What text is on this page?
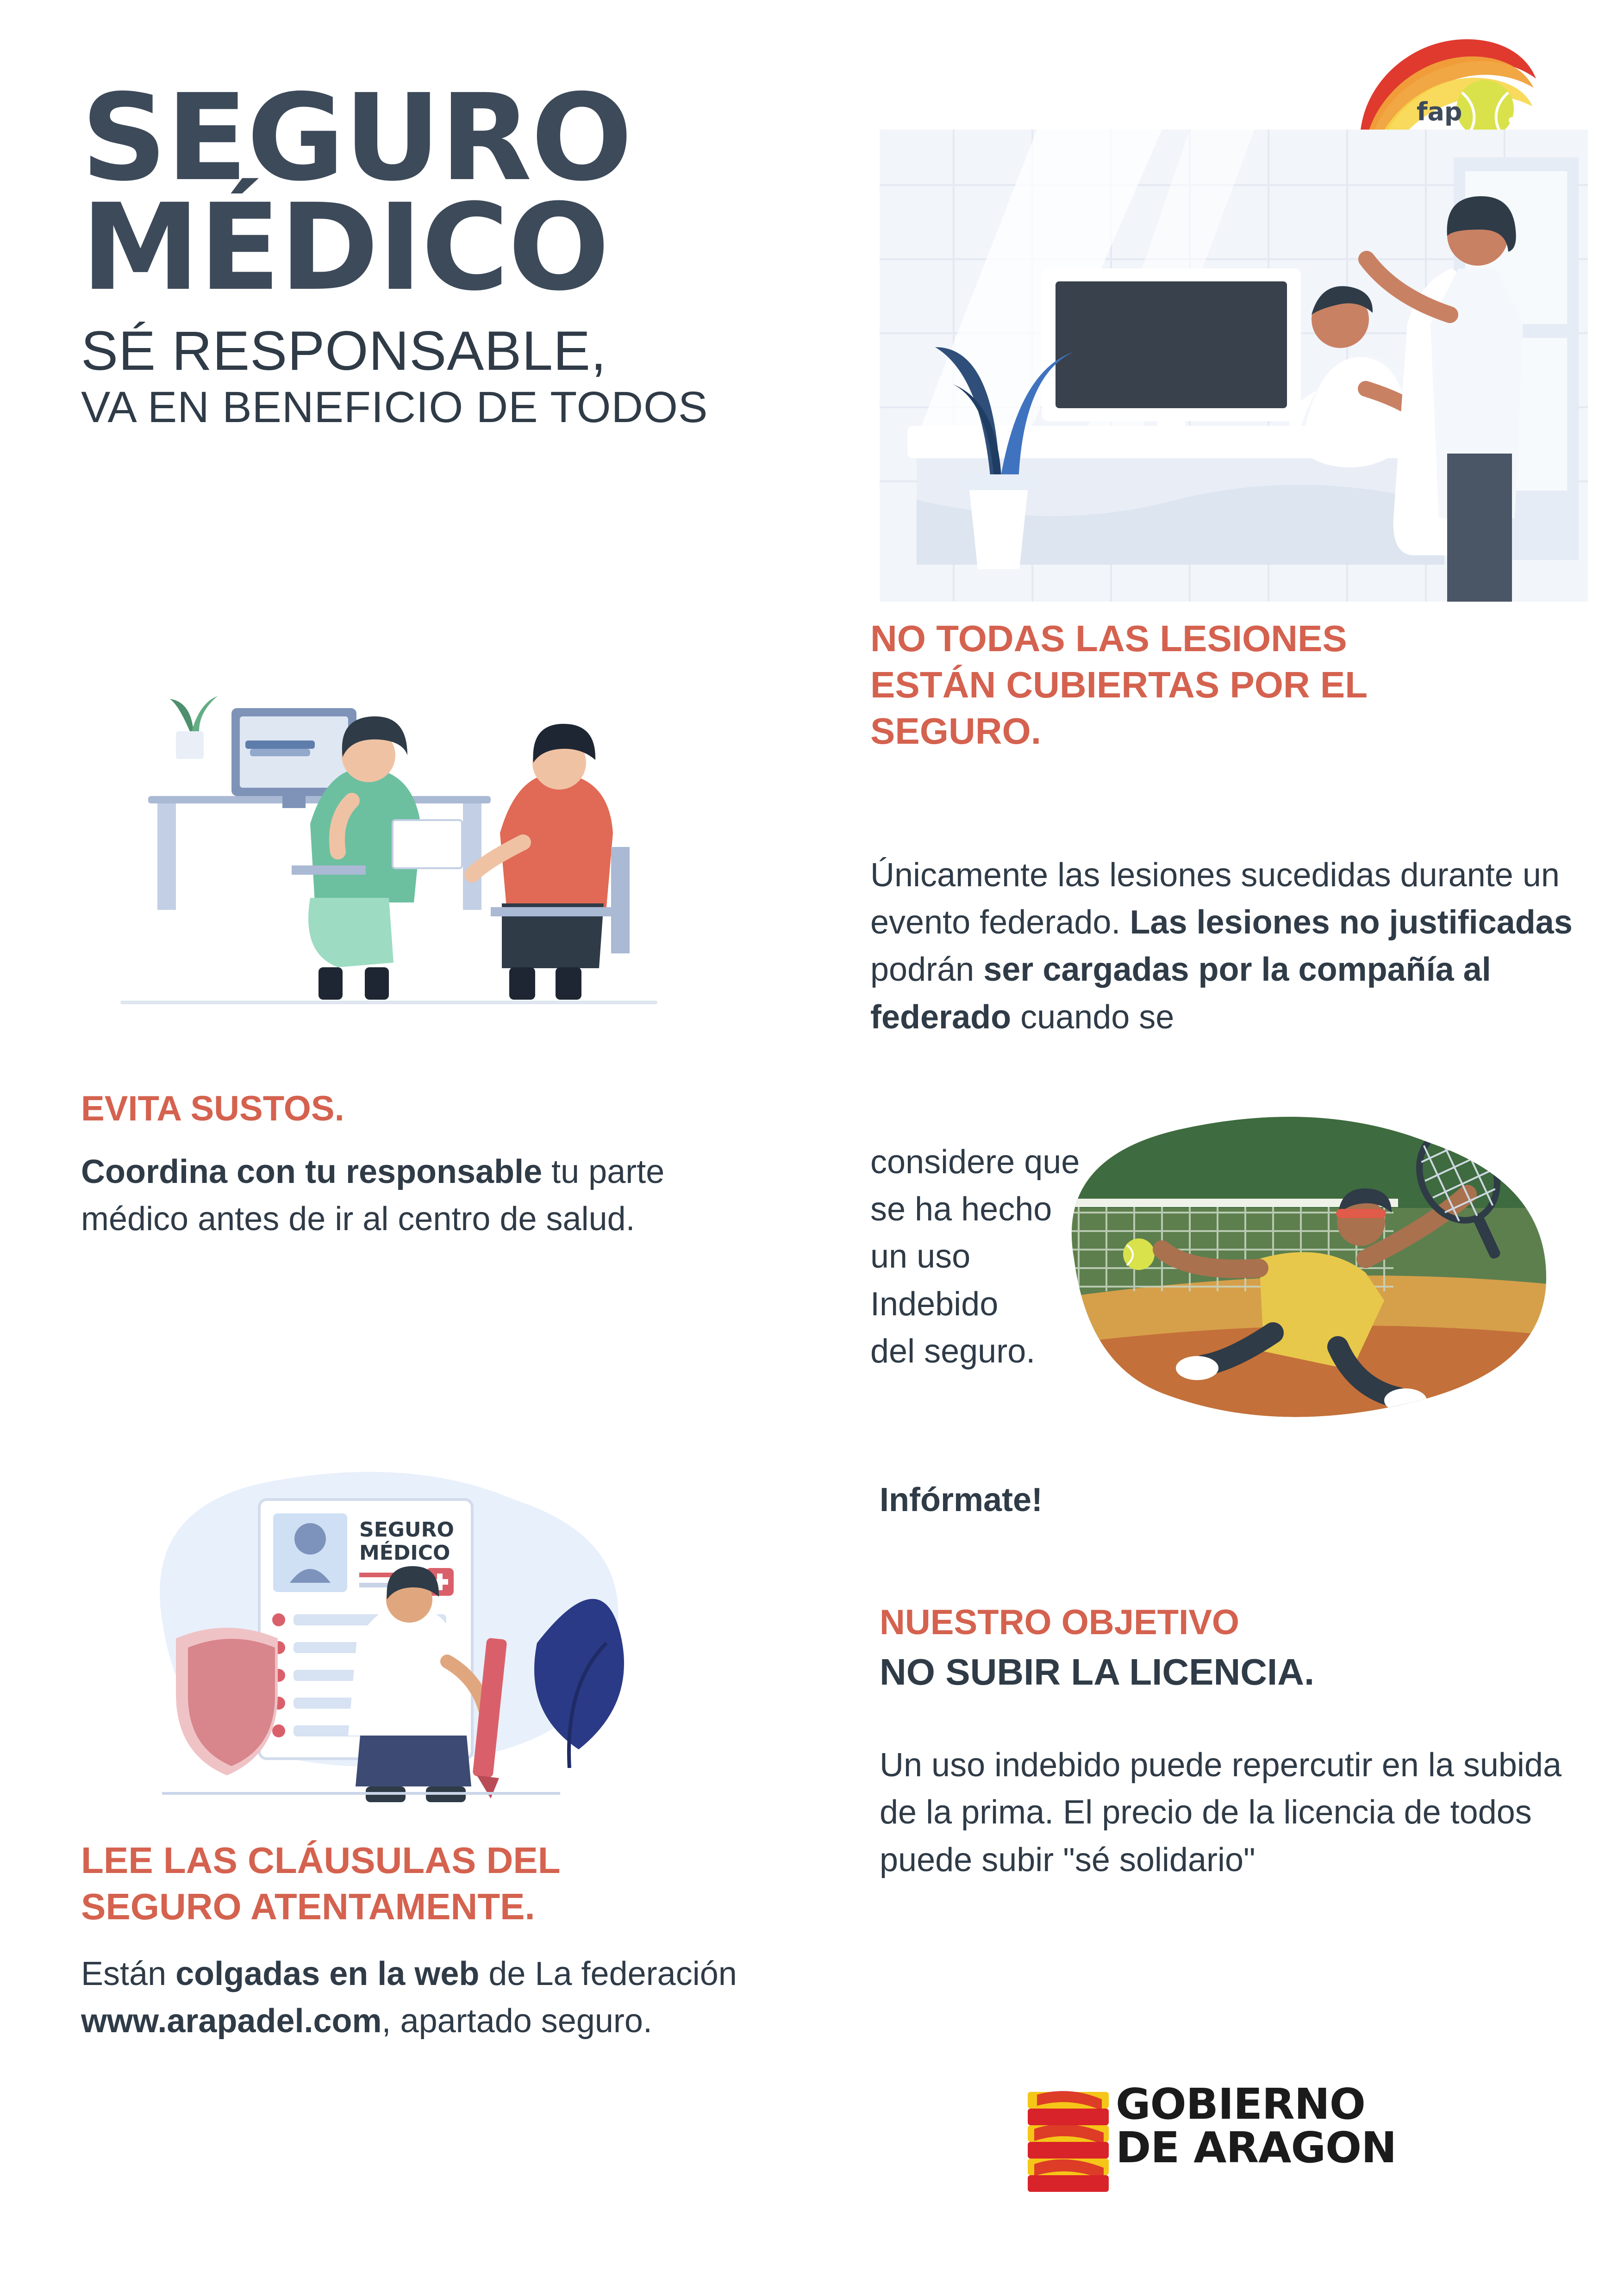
fap
SEGURO
MÉDICO
SÉ RESPONSABLE,
VA EN BENEFICIO DE TODOS
EVITA SUSTOS.

Coordina con tu responsable tu parte médico antes de ir al centro de salud.

SEGURO
MÉDICO
LEE LAS CLÁUSULAS DEL
SEGURO ATENTAMENTE.

Están colgadas en la web de La federación www.arapadel.com, apartado seguro.

NO TODAS LAS LESIONES
ESTÁN CUBIERTAS POR EL
SEGURO.

Únicamente las lesiones sucedidas durante un evento federado. Las lesiones no justificadas podrán ser cargadas por la compañía al federado cuando se

considere que
se ha hecho
un uso
Indebido
del seguro.
Infórmate!
NUESTRO OBJETIVO
NO SUBIR LA LICENCIA.

Un uso indebido puede repercutir en la subida de la prima. El precio de la licencia de todos puede subir "sé solidario"

GOBIERNO
DE ARAGON
